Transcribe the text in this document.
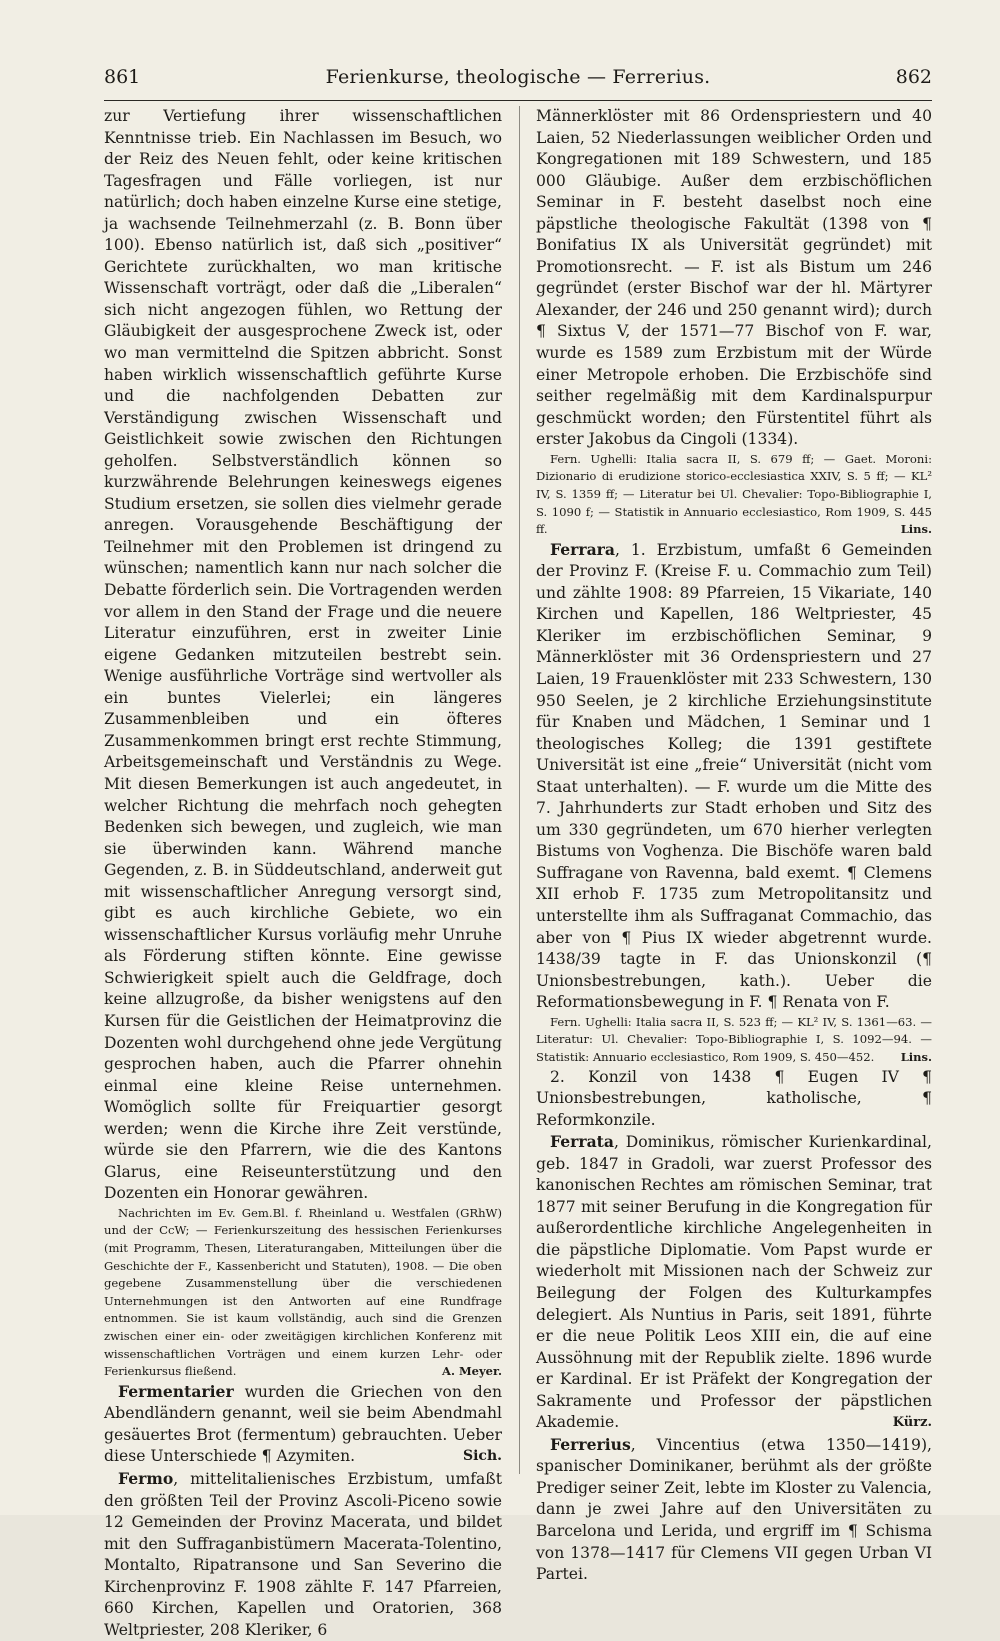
861	Ferienkurse, theologische — Ferrerius.	862

zur Vertiefung ihrer wissenschaftlichen Kenntnisse trieb. Ein Nachlassen im Besuch, wo der Reiz des Neuen fehlt, oder keine kritischen Tagesfragen und Fälle vorliegen, ist nur natürlich; doch haben einzelne Kurse eine stetige, ja wachsende Teilnehmerzahl (z. B. Bonn über 100). Ebenso natürlich ist, daß sich „positiver“ Gerichtete zurückhalten, wo man kritische Wissenschaft vorträgt, oder daß die „Liberalen“ sich nicht angezogen fühlen, wo Rettung der Gläubigkeit der ausgesprochene Zweck ist, oder wo man vermittelnd die Spitzen abbricht. Sonst haben wirklich wissenschaftlich geführte Kurse und die nachfolgenden Debatten zur Verständigung zwischen Wissenschaft und Geistlichkeit sowie zwischen den Richtungen geholfen. Selbstverständlich können so kurzwährende Belehrungen keineswegs eigenes Studium ersetzen, sie sollen dies vielmehr gerade anregen. Vorausgehende Beschäftigung der Teilnehmer mit den Problemen ist dringend zu wünschen; namentlich kann nur nach solcher die Debatte förderlich sein. Die Vortragenden werden vor allem in den Stand der Frage und die neuere Literatur einzuführen, erst in zweiter Linie eigene Gedanken mitzuteilen bestrebt sein. Wenige ausführliche Vorträge sind wertvoller als ein buntes Vielerlei; ein längeres Zusammenbleiben und ein öfteres Zusammenkommen bringt erst rechte Stimmung, Arbeitsgemeinschaft und Verständnis zu Wege. Mit diesen Bemerkungen ist auch angedeutet, in welcher Richtung die mehrfach noch gehegten Bedenken sich bewegen, und zugleich, wie man sie überwinden kann. Während manche Gegenden, z. B. in Süddeutschland, anderweit gut mit wissenschaftlicher Anregung versorgt sind, gibt es auch kirchliche Gebiete, wo ein wissenschaftlicher Kursus vorläufig mehr Unruhe als Förderung stiften könnte. Eine gewisse Schwierigkeit spielt auch die Geldfrage, doch keine allzugroße, da bisher wenigstens auf den Kursen für die Geistlichen der Heimatprovinz die Dozenten wohl durchgehend ohne jede Vergütung gesprochen haben, auch die Pfarrer ohnehin einmal eine kleine Reise unternehmen. Womöglich sollte für Freiquartier gesorgt werden; wenn die Kirche ihre Zeit verstünde, würde sie den Pfarrern, wie die des Kantons Glarus, eine Reiseunterstützung und den Dozenten ein Honorar gewähren.

Nachrichten im Ev. Gem.Bl. f. Rheinland u. Westfalen (GRhW) und der CcW; — Ferienkurszeitung des hessischen Ferienkurses (mit Programm, Thesen, Literaturangaben, Mitteilungen über die Geschichte der F., Kassenbericht und Statuten), 1908. — Die oben gegebene Zusammenstellung über die verschiedenen Unternehmungen ist den Antworten auf eine Rundfrage entnommen. Sie ist kaum vollständig, auch sind die Grenzen zwischen einer ein- oder zweitägigen kirchlichen Konferenz mit wissenschaftlichen Vorträgen und einem kurzen Lehr- oder Ferienkursus fließend.	A. Meyer.

Fermentarier wurden die Griechen von den Abendländern genannt, weil sie beim Abendmahl gesäuertes Brot (fermentum) gebrauchten. Ueber diese Unterschiede ¶ Azymiten.	Sich.

Fermo, mittelitalienisches Erzbistum, umfaßt den größten Teil der Provinz Ascoli-Piceno sowie 12 Gemeinden der Provinz Macerata, und bildet mit den Suffraganbistümern Macerata-Tolentino, Montalto, Ripatransone und San Severino die Kirchenprovinz F. 1908 zählte F. 147 Pfarreien, 660 Kirchen, Kapellen und Oratorien, 368 Weltpriester, 208 Kleriker, 6

Männerklöster mit 86 Ordenspriestern und 40 Laien, 52 Niederlassungen weiblicher Orden und Kongregationen mit 189 Schwestern, und 185 000 Gläubige. Außer dem erzbischöflichen Seminar in F. besteht daselbst noch eine päpstliche theologische Fakultät (1398 von ¶ Bonifatius IX als Universität gegründet) mit Promotionsrecht. — F. ist als Bistum um 246 gegründet (erster Bischof war der hl. Märtyrer Alexander, der 246 und 250 genannt wird); durch ¶ Sixtus V, der 1571—77 Bischof von F. war, wurde es 1589 zum Erzbistum mit der Würde einer Metropole erhoben. Die Erzbischöfe sind seither regelmäßig mit dem Kardinalspurpur geschmückt worden; den Fürstentitel führt als erster Jakobus da Cingoli (1334).

Fern. Ughelli: Italia sacra II, S. 679 ff; — Gaet. Moroni: Dizionario di erudizione storico-ecclesiastica XXIV, S. 5 ff; — KL² IV, S. 1359 ff; — Literatur bei Ul. Chevalier: Topo-Bibliographie I, S. 1090 f; — Statistik in Annuario ecclesiastico, Rom 1909, S. 445 ff.	Lins.

Ferrara, 1. Erzbistum, umfaßt 6 Gemeinden der Provinz F. (Kreise F. u. Commachio zum Teil) und zählte 1908: 89 Pfarreien, 15 Vikariate, 140 Kirchen und Kapellen, 186 Weltpriester, 45 Kleriker im erzbischöflichen Seminar, 9 Männerklöster mit 36 Ordenspriestern und 27 Laien, 19 Frauenklöster mit 233 Schwestern, 130 950 Seelen, je 2 kirchliche Erziehungsinstitute für Knaben und Mädchen, 1 Seminar und 1 theologisches Kolleg; die 1391 gestiftete Universität ist eine „freie“ Universität (nicht vom Staat unterhalten). — F. wurde um die Mitte des 7. Jahrhunderts zur Stadt erhoben und Sitz des um 330 gegründeten, um 670 hierher verlegten Bistums von Voghenza. Die Bischöfe waren bald Suffragane von Ravenna, bald exemt. ¶ Clemens XII erhob F. 1735 zum Metropolitansitz und unterstellte ihm als Suffraganat Commachio, das aber von ¶ Pius IX wieder abgetrennt wurde. 1438/39 tagte in F. das Unionskonzil (¶ Unionsbestrebungen, kath.). Ueber die Reformationsbewegung in F. ¶ Renata von F.

Fern. Ughelli: Italia sacra II, S. 523 ff; — KL² IV, S. 1361—63. — Literatur: Ul. Chevalier: Topo-Bibliographie I, S. 1092—94. — Statistik: Annuario ecclesiastico, Rom 1909, S. 450—452.	Lins.

2. Konzil von 1438 ¶ Eugen IV ¶ Unionsbestrebungen, katholische, ¶ Reformkonzile.

Ferrata, Dominikus, römischer Kurienkardinal, geb. 1847 in Gradoli, war zuerst Professor des kanonischen Rechtes am römischen Seminar, trat 1877 mit seiner Berufung in die Kongregation für außerordentliche kirchliche Angelegenheiten in die päpstliche Diplomatie. Vom Papst wurde er wiederholt mit Missionen nach der Schweiz zur Beilegung der Folgen des Kulturkampfes delegiert. Als Nuntius in Paris, seit 1891, führte er die neue Politik Leos XIII ein, die auf eine Aussöhnung mit der Republik zielte. 1896 wurde er Kardinal. Er ist Präfekt der Kongregation der Sakramente und Professor der päpstlichen Akademie.	Kürz.

Ferrerius, Vincentius (etwa 1350—1419), spanischer Dominikaner, berühmt als der größte Prediger seiner Zeit, lebte im Kloster zu Valencia, dann je zwei Jahre auf den Universitäten zu Barcelona und Lerida, und ergriff im ¶ Schisma von 1378—1417 für Clemens VII gegen Urban VI Partei.
